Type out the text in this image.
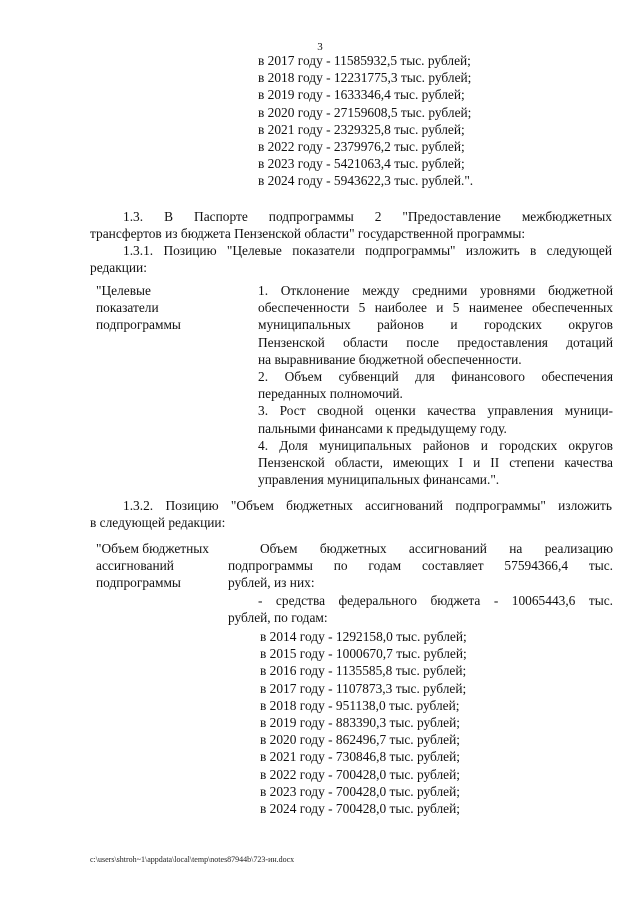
3
в 2017 году - 11585932,5 тыс. рублей;
в 2018 году - 12231775,3 тыс. рублей;
в 2019 году - 1633346,4 тыс. рублей;
в 2020 году - 27159608,5 тыс. рублей;
в 2021 году - 2329325,8 тыс. рублей;
в 2022 году - 2379976,2 тыс. рублей;
в 2023 году - 5421063,4 тыс. рублей;
в 2024 году - 5943622,3 тыс. рублей.".
1.3. В Паспорте подпрограммы 2 "Предоставление межбюджетных
трансфертов из бюджета Пензенской области" государственной программы:
1.3.1. Позицию "Целевые показатели подпрограммы" изложить в следующей
редакции:
"Целевые
показатели
подпрограммы
1. Отклонение между средними уровнями бюджетной
обеспеченности 5 наиболее и 5 наименее обеспеченных
муниципальных районов и городских округов
Пензенской области после предоставления дотаций
на выравнивание бюджетной обеспеченности.
2. Объем субвенций для финансового обеспечения
переданных полномочий.
3. Рост сводной оценки качества управления муници-
пальными финансами к предыдущему году.
4. Доля муниципальных районов и городских округов
Пензенской области, имеющих I и II степени качества
управления муниципальных финансами.".
1.3.2. Позицию "Объем бюджетных ассигнований подпрограммы" изложить
в следующей редакции:
"Объем бюджетных
ассигнований
подпрограммы
Объем бюджетных ассигнований на реализацию
подпрограммы по годам составляет 57594366,4 тыс.
рублей, из них:
- средства федерального бюджета - 10065443,6 тыс.
рублей, по годам:
в 2014 году - 1292158,0 тыс. рублей;
в 2015 году - 1000670,7 тыс. рублей;
в 2016 году - 1135585,8 тыс. рублей;
в 2017 году - 1107873,3 тыс. рублей;
в 2018 году - 951138,0 тыс. рублей;
в 2019 году - 883390,3 тыс. рублей;
в 2020 году - 862496,7 тыс. рублей;
в 2021 году - 730846,8 тыс. рублей;
в 2022 году - 700428,0 тыс. рублей;
в 2023 году - 700428,0 тыс. рублей;
в 2024 году - 700428,0 тыс. рублей;
c:\users\shtroh~1\appdata\local\temp\notes87944b\723-ин.docx
